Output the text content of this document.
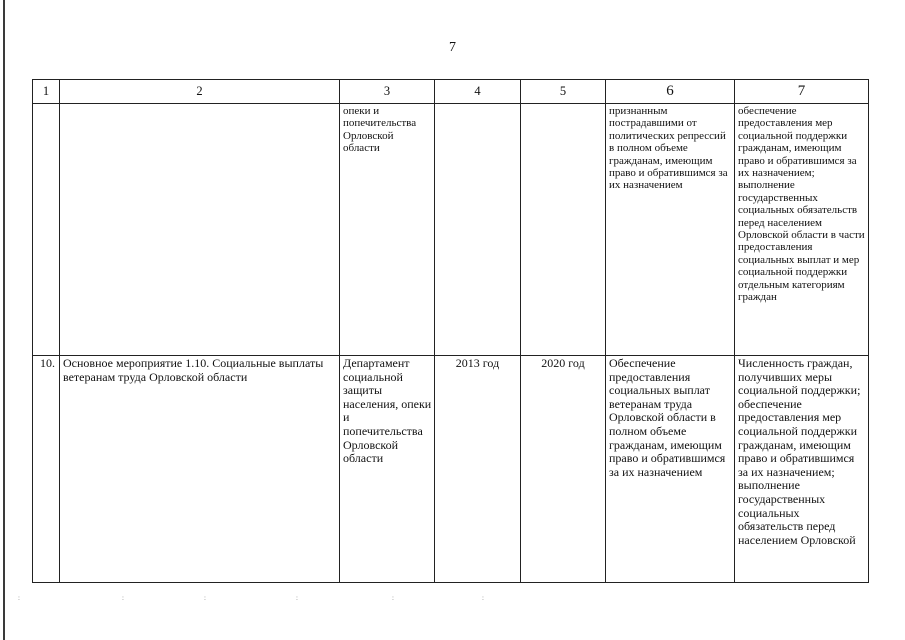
7
1	2	3	4	5	6	7
		опеки и попечительства Орловской области			признанным пострадавшими от политических репрессий в полном объеме гражданам, имеющим право и обратившимся за их назначением	обеспечение предоставления мер социальной поддержки гражданам, имеющим право и обратившимся за их назначением; выполнение государственных социальных обязательств перед населением Орловской области в части предоставления социальных выплат и мер социальной поддержки отдельным категориям граждан
10.	Основное мероприятие 1.10. Социальные выплаты ветеранам труда Орловской области	Департамент социальной защиты населения, опеки и попечительства Орловской области	2013 год	2020 год	Обеспечение предоставления социальных выплат ветеранам труда Орловской области в полном объеме гражданам, имеющим право и обратившимся за их назначением	Численность граждан, получивших меры социальной поддержки; обеспечение предоставления мер социальной поддержки гражданам, имеющим право и обратившимся за их назначением; выполнение государственных социальных обязательств перед населением Орловской
:	:	:	:	:	:
